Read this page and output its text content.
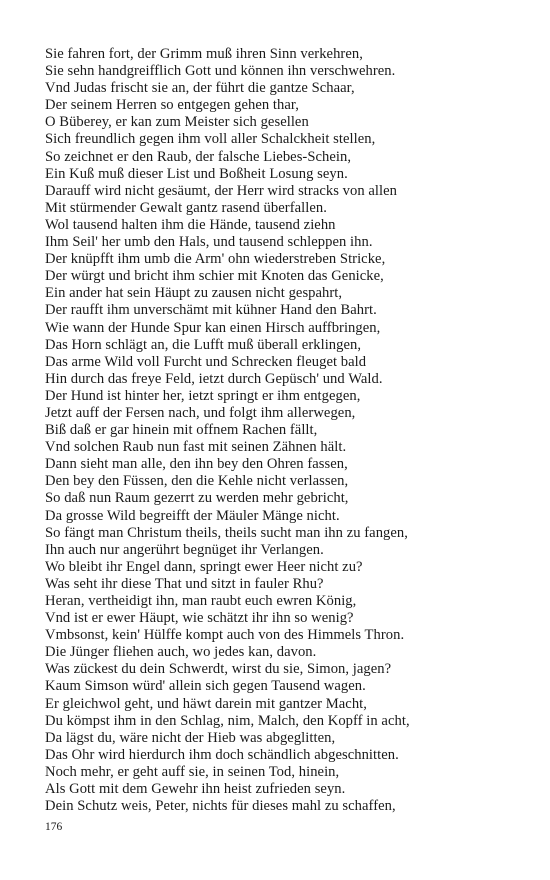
Sie fahren fort, der Grimm muß ihren Sinn verkehren,
Sie sehn handgreifflich Gott und können ihn verschwehren.
Vnd Judas frischt sie an, der führt die gantze Schaar,
Der seinem Herren so entgegen gehen thar,
O Büberey, er kan zum Meister sich gesellen
Sich freundlich gegen ihm voll aller Schalckheit stellen,
So zeichnet er den Raub, der falsche Liebes-Schein,
Ein Kuß muß dieser List und Boßheit Losung seyn.
Darauff wird nicht gesäumt, der Herr wird stracks von allen
Mit stürmender Gewalt gantz rasend überfallen.
Wol tausend halten ihm die Hände, tausend ziehn
Ihm Seil' her umb den Hals, und tausend schleppen ihn.
Der knüpfft ihm umb die Arm' ohn wiederstreben Stricke,
Der würgt und bricht ihm schier mit Knoten das Genicke,
Ein ander hat sein Häupt zu zausen nicht gespahrt,
Der raufft ihm unverschämt mit kühner Hand den Bahrt.
Wie wann der Hunde Spur kan einen Hirsch auffbringen,
Das Horn schlägt an, die Lufft muß überall erklingen,
Das arme Wild voll Furcht und Schrecken fleuget bald
Hin durch das freye Feld, ietzt durch Gepüsch' und Wald.
Der Hund ist hinter her, ietzt springt er ihm entgegen,
Jetzt auff der Fersen nach, und folgt ihm allerwegen,
Biß daß er gar hinein mit offnem Rachen fällt,
Vnd solchen Raub nun fast mit seinen Zähnen hält.
Dann sieht man alle, den ihn bey den Ohren fassen,
Den bey den Füssen, den die Kehle nicht verlassen,
So daß nun Raum gezerrt zu werden mehr gebricht,
Da grosse Wild begreifft der Mäuler Mänge nicht.
So fängt man Christum theils, theils sucht man ihn zu fangen,
Ihn auch nur angerührt begnüget ihr Verlangen.
Wo bleibt ihr Engel dann, springt ewer Heer nicht zu?
Was seht ihr diese That und sitzt in fauler Rhu?
Heran, vertheidigt ihn, man raubt euch ewren König,
Vnd ist er ewer Häupt, wie schätzt ihr ihn so wenig?
Vmbsonst, kein' Hülffe kompt auch von des Himmels Thron.
Die Jünger fliehen auch, wo jedes kan, davon.
Was zückest du dein Schwerdt, wirst du sie, Simon, jagen?
Kaum Simson würd' allein sich gegen Tausend wagen.
Er gleichwol geht, und häwt darein mit gantzer Macht,
Du kömpst ihm in den Schlag, nim, Malch, den Kopff in acht,
Da lägst du, wäre nicht der Hieb was abgeglitten,
Das Ohr wird hierdurch ihm doch schändlich abgeschnitten.
Noch mehr, er geht auff sie, in seinen Tod, hinein,
Als Gott mit dem Gewehr ihn heist zufrieden seyn.
Dein Schutz weis, Peter, nichts für dieses mahl zu schaffen,
176
